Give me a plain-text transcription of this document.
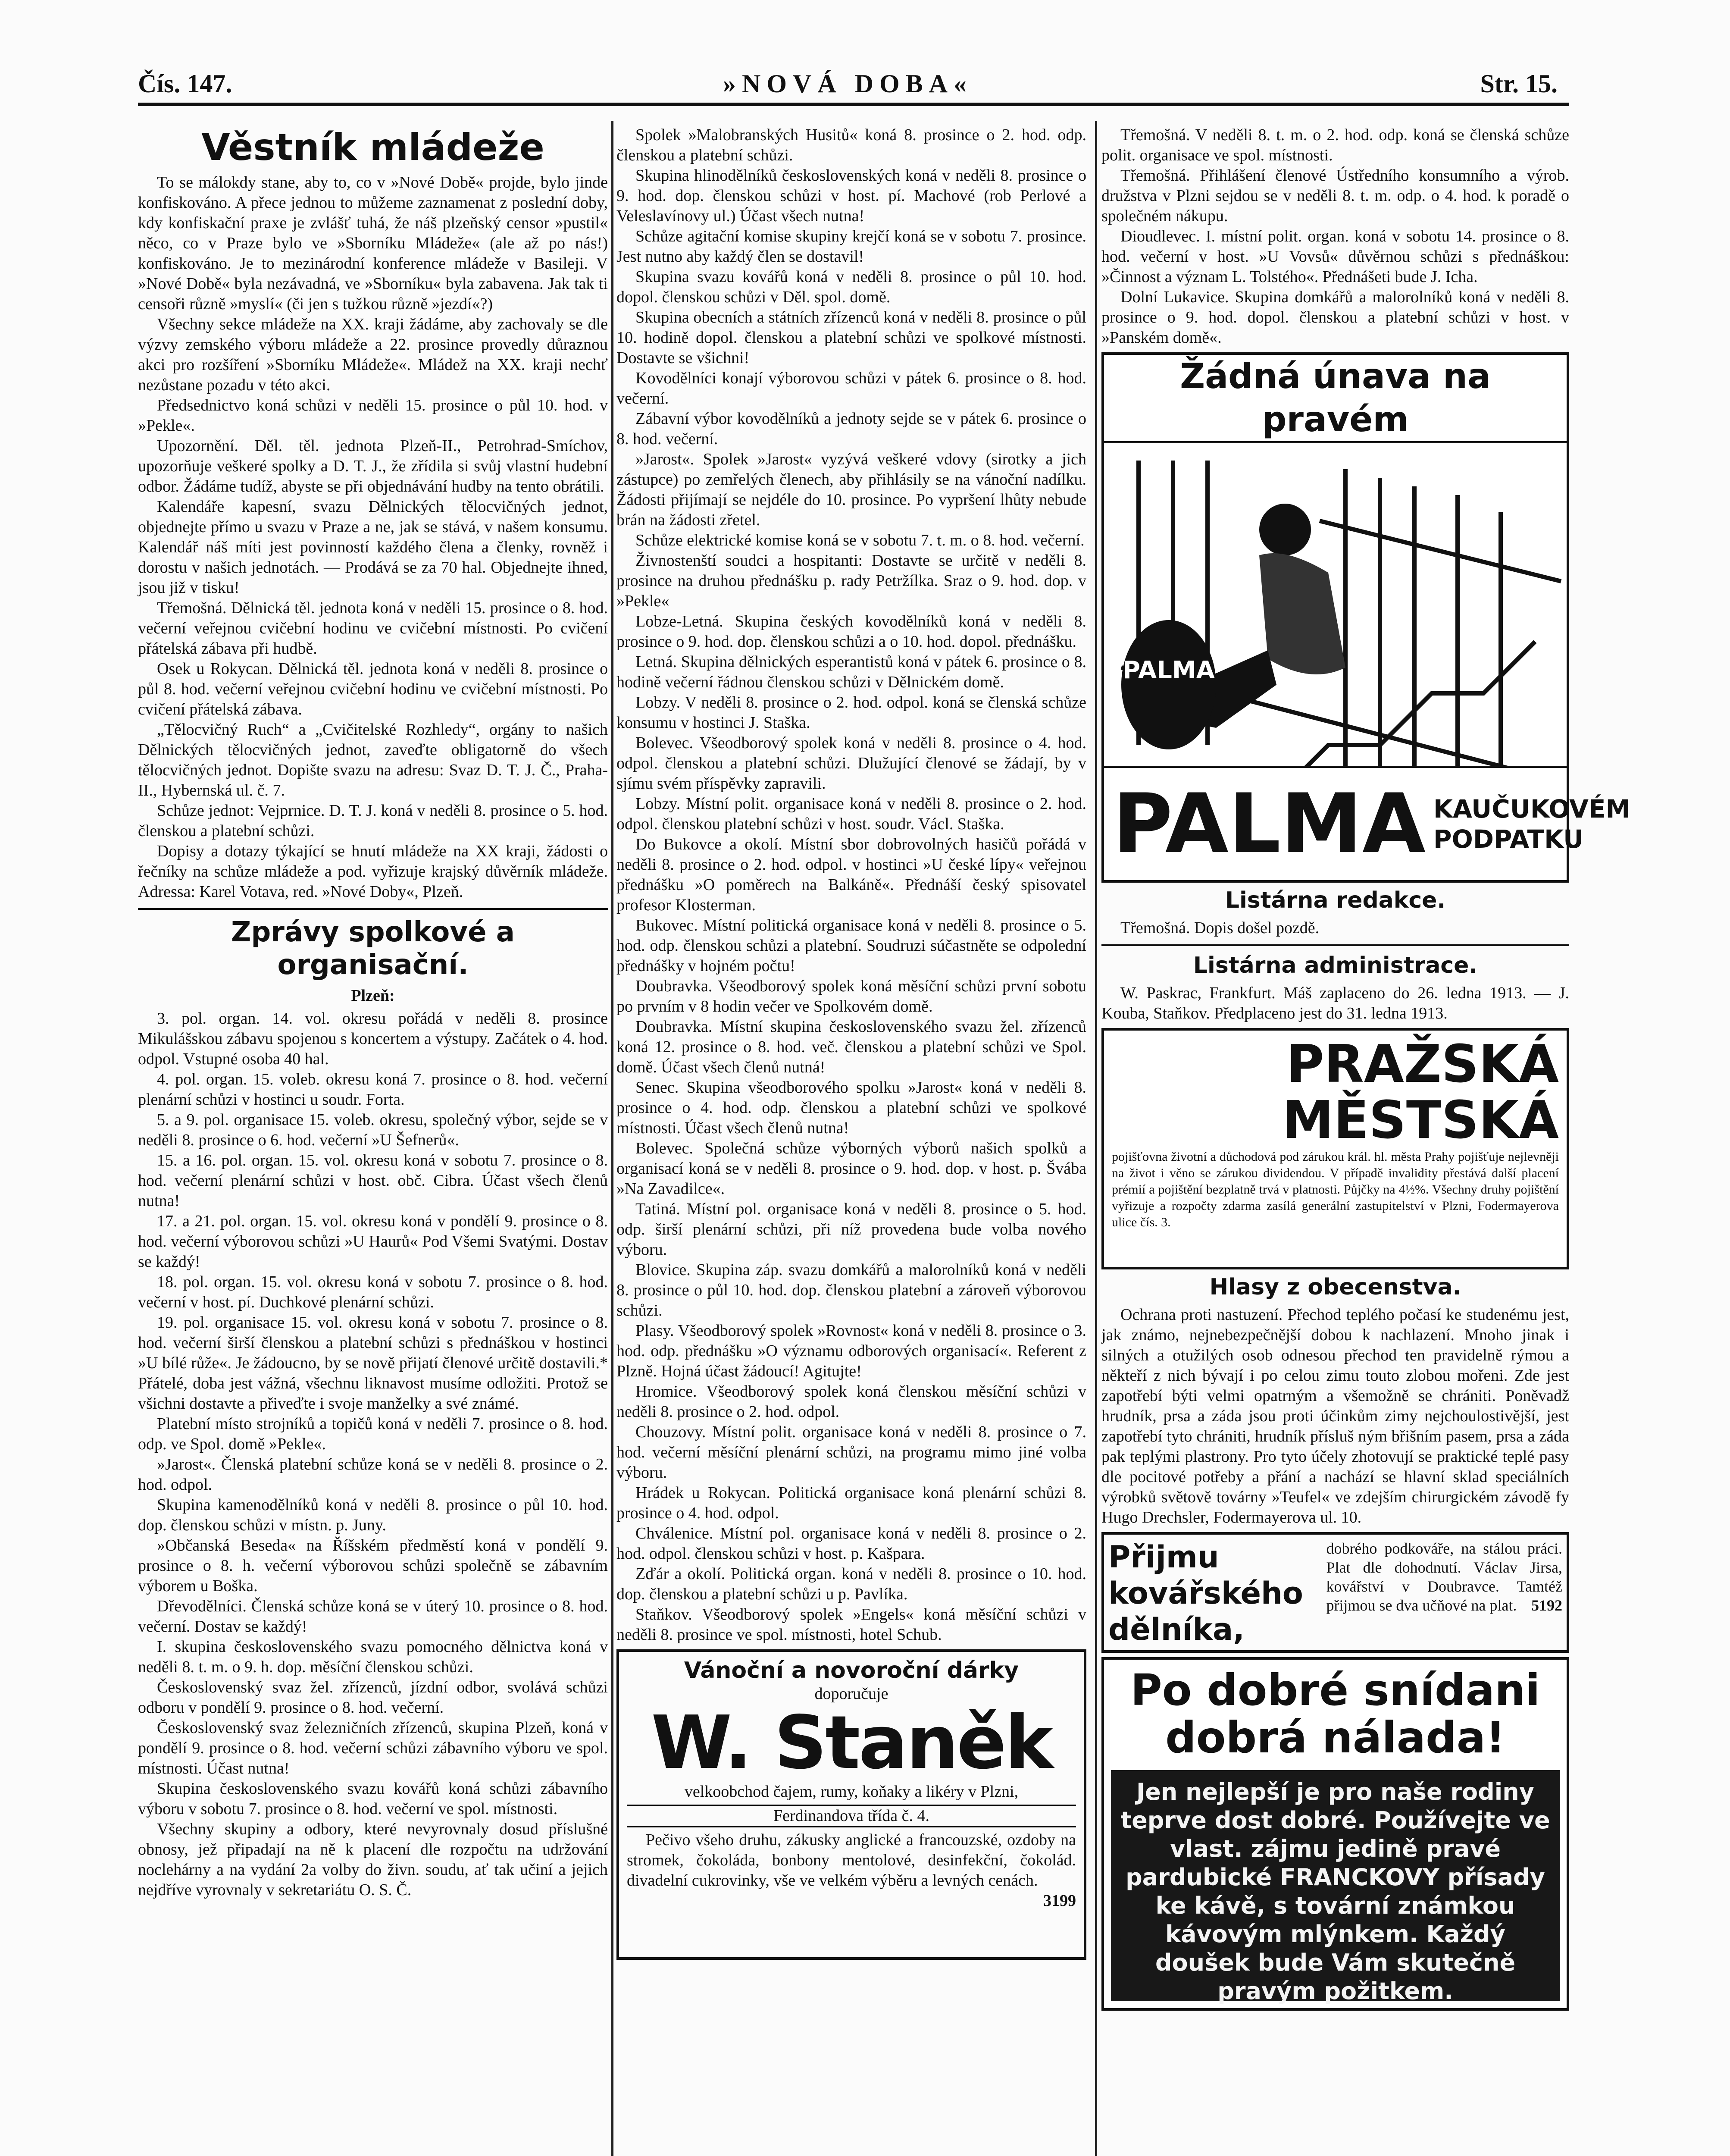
Čís. 147.	»NOVÁ DOBA«	Str. 15.
Věstník mládeže

To se málokdy stane, aby to, co v »Nové Době« projde, bylo jinde konfiskováno. A přece jednou to můžeme zaznamenat z poslední doby, kdy konfiskační praxe je zvlášť tuhá, že náš plzeňský censor »pustil« něco, co v Praze bylo ve »Sborníku Mládeže« (ale až po nás!) konfiskováno. Je to mezinárodní konference mládeže v Basileji. V »Nové Době« byla nezávadná, ve »Sborníku« byla zabavena. Jak tak ti censoři různě »myslí« (či jen s tužkou různě »jezdí«?)

Všechny sekce mládeže na XX. kraji žádáme, aby zachovaly se dle výzvy zemského výboru mládeže a 22. prosince provedly důraznou akci pro rozšíření »Sborníku Mládeže«. Mládež na XX. kraji nechť nezůstane pozadu v této akci.

Předsednictvo koná schůzi v neděli 15. prosince o půl 10. hod. v »Pekle«.

Upozornění. Děl. těl. jednota Plzeň-II., Petrohrad-Smíchov, upozorňuje veškeré spolky a D. T. J., že zřídila si svůj vlastní hudební odbor. Žádáme tudíž, abyste se při objednávání hudby na tento obrátili.

Kalendáře kapesní, svazu Dělnických tělocvičných jednot, objednejte přímo u svazu v Praze a ne, jak se stává, v našem konsumu. Kalendář náš míti jest povinností každého člena a členky, rovněž i dorostu v našich jednotách. — Prodává se za 70 hal. Objednejte ihned, jsou již v tisku!

Třemošná. Dělnická těl. jednota koná v neděli 15. prosince o 8. hod. večerní veřejnou cvičební hodinu ve cvičební místnosti. Po cvičení přátelská zábava při hudbě.

Osek u Rokycan. Dělnická těl. jednota koná v neděli 8. prosince o půl 8. hod. večerní veřejnou cvičební hodinu ve cvičební místnosti. Po cvičení přátelská zábava.

„Tělocvičný Ruch“ a „Cvičitelské Rozhledy“, orgány to našich Dělnických tělocvičných jednot, zaveďte obligatorně do všech tělocvičných jednot. Dopište svazu na adresu: Svaz D. T. J. Č., Praha-II., Hybernská ul. č. 7.

Schůze jednot: Vejprnice. D. T. J. koná v neděli 8. prosince o 5. hod. členskou a platební schůzi.

Dopisy a dotazy týkající se hnutí mládeže na XX kraji, žádosti o řečníky na schůze mládeže a pod. vyřizuje krajský důvěrník mládeže. Adressa: Karel Votava, red. »Nové Doby«, Plzeň.

Zprávy spolkové a organisační.
Plzeň:

3. pol. organ. 14. vol. okresu pořádá v neděli 8. prosince Mikulášskou zábavu spojenou s koncertem a výstupy. Začátek o 4. hod. odpol. Vstupné osoba 40 hal.

4. pol. organ. 15. voleb. okresu koná 7. prosince o 8. hod. večerní plenární schůzi v hostinci u soudr. Forta.

5. a 9. pol. organisace 15. voleb. okresu, společný výbor, sejde se v neděli 8. prosince o 6. hod. večerní »U Šefnerů«.

15. a 16. pol. organ. 15. vol. okresu koná v sobotu 7. prosince o 8. hod. večerní plenární schůzi v host. obč. Cibra. Účast všech členů nutna!

17. a 21. pol. organ. 15. vol. okresu koná v pondělí 9. prosince o 8. hod. večerní výborovou schůzi »U Haurů« Pod Všemi Svatými. Dostav se každý!

18. pol. organ. 15. vol. okresu koná v sobotu 7. prosince o 8. hod. večerní v host. pí. Duchkové plenární schůzi.

19. pol. organisace 15. vol. okresu koná v sobotu 7. prosince o 8. hod. večerní širší členskou a platební schůzi s přednáškou v hostinci »U bílé růže«. Je žádoucno, by se nově přijatí členové určitě dostavili.* Přátelé, doba jest vážná, všechnu liknavost musíme odložiti. Protož se všichni dostavte a přiveďte i svoje manželky a své známé.

Platební místo strojníků a topičů koná v neděli 7. prosince o 8. hod. odp. ve Spol. domě »Pekle«.

»Jarost«. Členská platební schůze koná se v neděli 8. prosince o 2. hod. odpol.

Skupina kamenodělníků koná v neděli 8. prosince o půl 10. hod. dop. členskou schůzi v místn. p. Juny.

»Občanská Beseda« na Říšském předměstí koná v pondělí 9. prosince o 8. h. večerní výborovou schůzi společně se zábavním výborem u Boška.

Dřevodělníci. Členská schůze koná se v úterý 10. prosince o 8. hod. večerní. Dostav se každý!

I. skupina československého svazu pomocného dělnictva koná v neděli 8. t. m. o 9. h. dop. měsíční členskou schůzi.

Československý svaz žel. zřízenců, jízdní odbor, svolává schůzi odboru v pondělí 9. prosince o 8. hod. večerní.

Československý svaz železničních zřízenců, skupina Plzeň, koná v pondělí 9. prosince o 8. hod. večerní schůzi zábavního výboru ve spol. místnosti. Účast nutna!

Skupina československého svazu kovářů koná schůzi zábavního výboru v sobotu 7. prosince o 8. hod. večerní ve spol. místnosti.

Všechny skupiny a odbory, které nevyrovnaly dosud příslušné obnosy, jež připadají na ně k placení dle rozpočtu na udržování noclehárny a na vydání 2a volby do živn. soudu, ať tak učiní a jejich nejdříve vyrovnaly v sekretariátu O. S. Č.

Spolek »Malobranských Husitů« koná 8. prosince o 2. hod. odp. členskou a platební schůzi.

Skupina hlinodělníků československých koná v neděli 8. prosince o 9. hod. dop. členskou schůzi v host. pí. Machové (rob Perlové a Veleslavínovy ul.) Účast všech nutna!

Schůze agitační komise skupiny krejčí koná se v sobotu 7. prosince. Jest nutno aby každý člen se dostavil!

Skupina svazu kovářů koná v neděli 8. prosince o půl 10. hod. dopol. členskou schůzi v Děl. spol. domě.

Skupina obecních a státních zřízenců koná v neděli 8. prosince o půl 10. hodině dopol. členskou a platební schůzi ve spolkové místnosti. Dostavte se všichni!

Kovodělníci konají výborovou schůzi v pátek 6. prosince o 8. hod. večerní.

Zábavní výbor kovodělníků a jednoty sejde se v pátek 6. prosince o 8. hod. večerní.

»Jarost«. Spolek »Jarost« vyzývá veškeré vdovy (sirotky a jich zástupce) po zemřelých členech, aby přihlásily se na vánoční nadílku. Žádosti přijímají se nejdéle do 10. prosince. Po vypršení lhůty nebude brán na žádosti zřetel.

Schůze elektrické komise koná se v sobotu 7. t. m. o 8. hod. večerní.

Živnostenští soudci a hospitanti: Dostavte se určitě v neděli 8. prosince na druhou přednášku p. rady Petržílka. Sraz o 9. hod. dop. v »Pekle«

Lobze-Letná. Skupina českých kovodělníků koná v neděli 8. prosince o 9. hod. dop. členskou schůzi a o 10. hod. dopol. přednášku.

Letná. Skupina dělnických esperantistů koná v pátek 6. prosince o 8. hodině večerní řádnou členskou schůzi v Dělnickém domě.

Lobzy. V neděli 8. prosince o 2. hod. odpol. koná se členská schůze konsumu v hostinci J. Staška.

Bolevec. Všeodborový spolek koná v neděli 8. prosince o 4. hod. odpol. členskou a platební schůzi. Dlužující členové se žádají, by v sjímu svém příspěvky zapravili.

Lobzy. Místní polit. organisace koná v neděli 8. prosince o 2. hod. odpol. členskou platební schůzi v host. soudr. Václ. Staška.

Do Bukovce a okolí. Místní sbor dobrovolných hasičů pořádá v neděli 8. prosince o 2. hod. odpol. v hostinci »U české lípy« veřejnou přednášku »O poměrech na Balkáně«. Přednáší český spisovatel profesor Klosterman.

Bukovec. Místní politická organisace koná v neděli 8. prosince o 5. hod. odp. členskou schůzi a platební. Soudruzi súčastněte se odpolední přednášky v hojném počtu!

Doubravka. Všeodborový spolek koná měsíční schůzi první sobotu po prvním v 8 hodin večer ve Spolkovém domě.

Doubravka. Místní skupina československého svazu žel. zřízenců koná 12. prosince o 8. hod. več. členskou a platební schůzi ve Spol. domě. Účast všech členů nutná!

Senec. Skupina všeodborového spolku »Jarost« koná v neděli 8. prosince o 4. hod. odp. členskou a platební schůzi ve spolkové místnosti. Účast všech členů nutna!

Bolevec. Společná schůze výborných výborů našich spolků a organisací koná se v neděli 8. prosince o 9. hod. dop. v host. p. Švába »Na Zavadilce«.

Tatiná. Místní pol. organisace koná v neděli 8. prosince o 5. hod. odp. širší plenární schůzi, při níž provedena bude volba nového výboru.

Blovice. Skupina záp. svazu domkářů a malorolníků koná v neděli 8. prosince o půl 10. hod. dop. členskou platební a zároveň výborovou schůzi.

Plasy. Všeodborový spolek »Rovnost« koná v neděli 8. prosince o 3. hod. odp. přednášku »O významu odborových organisací«. Referent z Plzně. Hojná účast žádoucí! Agitujte!

Hromice. Všeodborový spolek koná členskou měsíční schůzi v neděli 8. prosince o 2. hod. odpol.

Chouzovy. Místní polit. organisace koná v neděli 8. prosince o 7. hod. večerní měsíční plenární schůzi, na programu mimo jiné volba výboru.

Hrádek u Rokycan. Politická organisace koná plenární schůzi 8. prosince o 4. hod. odpol.

Chválenice. Místní pol. organisace koná v neděli 8. prosince o 2. hod. odpol. členskou schůzi v host. p. Kašpara.

Zďár a okolí. Politická organ. koná v neděli 8. prosince o 10. hod. dop. členskou a platební schůzi u p. Pavlíka.

Staňkov. Všeodborový spolek »Engels« koná měsíční schůzi v neděli 8. prosince ve spol. místnosti, hotel Schub.

Vánoční a novoroční dárky
doporučuje
W. Staněk
velkoobchod čajem, rumy, koňaky a likéry v Plzni,
Ferdinandova třída č. 4.

Pečivo všeho druhu, zákusky anglické a francouzské, ozdoby na stromek, čokoláda, bonbony mentolové, desinfekční, čokolád. divadelní cukrovinky, vše ve velkém výběru a levných cenách.

3199

Třemošná. V neděli 8. t. m. o 2. hod. odp. koná se členská schůze polit. organisace ve spol. místnosti.

Třemošná. Přihlášení členové Ústředního konsumního a výrob. družstva v Plzni sejdou se v neděli 8. t. m. odp. o 4. hod. k poradě o společném nákupu.

Dioudlevec. I. místní polit. organ. koná v sobotu 14. prosince o 8. hod. večerní v host. »U Vovsů« důvěrnou schůzi s přednáškou: »Činnost a význam L. Tolstého«. Přednášeti bude J. Icha.

Dolní Lukavice. Skupina domkářů a malorolníků koná v neděli 8. prosince o 9. hod. dopol. členskou a platební schůzi v host. v »Panském domě«.

Žádná únava na pravém
PALMA
PALMA KAUČUKOVÉM
PODPATKU
Listárna redakce.

Třemošná. Dopis došel pozdě.

Listárna administrace.

W. Paskrac, Frankfurt. Máš zaplaceno do 26. ledna 1913. — J. Kouba, Staňkov. Předplaceno jest do 31. ledna 1913.

PRAŽSKÁ
MĚSTSKÁ

pojišťovna životní a důchodová pod zárukou král. hl. města Prahy pojišťuje nejlevněji na život i věno se zárukou dividendou. V případě invalidity přestává další placení prémií a pojištění bezplatně trvá v platnosti. Půjčky na 4½%. Všechny druhy pojištění vyřizuje a rozpočty zdarma zasílá generální zastupitelství v Plzni, Fodermayerova ulice čís. 3.

Hlasy z obecenstva.

Ochrana proti nastuzení. Přechod teplého počasí ke studenému jest, jak známo, nejnebezpečnější dobou k nachlazení. Mnoho jinak i silných a otužilých osob odnesou přechod ten pravidelně rýmou a někteří z nich bývají i po celou zimu touto zlobou mořeni. Zde jest zapotřebí býti velmi opatrným a všemožně se chrániti. Poněvadž hrudník, prsa a záda jsou proti účinkům zimy nejchoulostivější, jest zapotřebí tyto chrániti, hrudník přísluš ným břišním pasem, prsa a záda pak teplými plastrony. Pro tyto účely zhotovují se praktické teplé pasy dle pocitové potřeby a přání a nachází se hlavní sklad speciálních výrobků světově továrny »Teufel« ve zdejším chirurgickém závodě fy Hugo Drechsler, Fodermayerova ul. 10.

Přijmu
kovářského
dělníka,
dobrého podkováře, na stálou práci. Plat dle dohodnutí. Václav Jirsa, kovářství v Doubravce. Tamtéž přijmou se dva učňové na plat. 5192
Po dobré snídani
dobrá nálada!
Jen nejlepší je pro naše rodiny teprve dost dobré. Používejte ve vlast. zájmu jedině pravé pardubické FRANCKOVY přísady ke kávě, s tovární známkou kávovým mlýnkem. Každý doušek bude Vám skutečně pravým požitkem.
